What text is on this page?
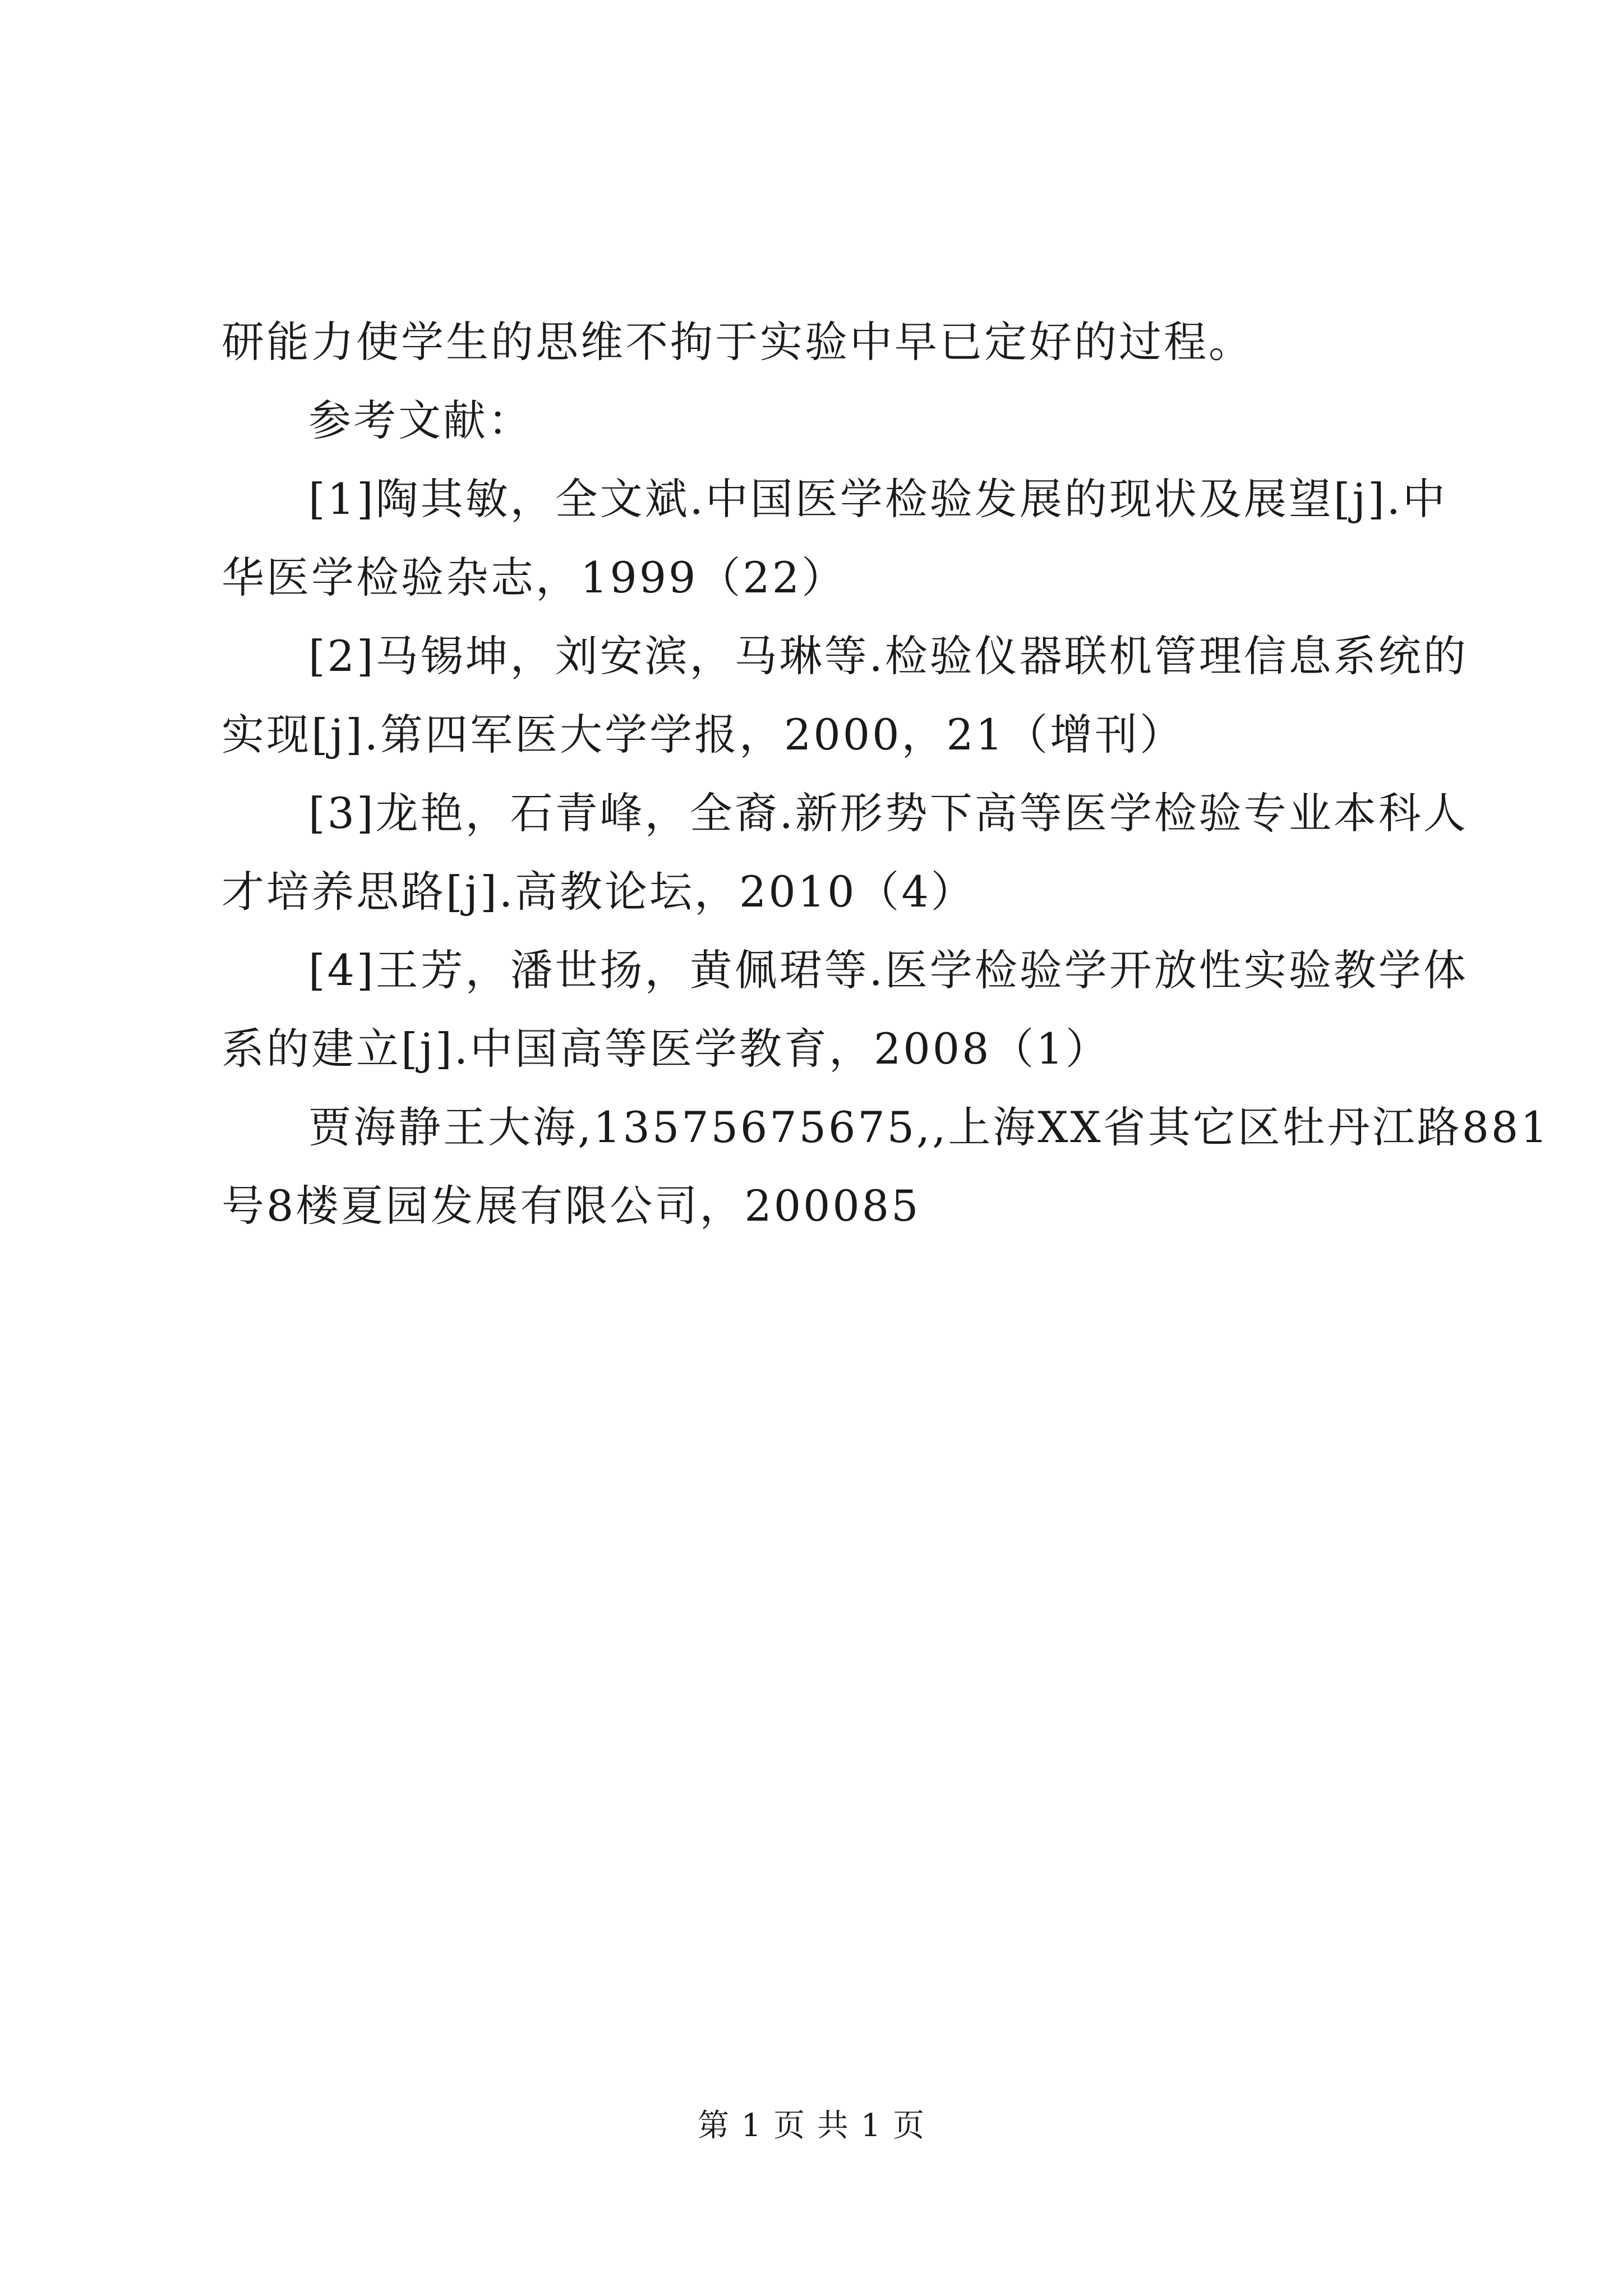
研能力使学生的思维不拘于实验中早已定好的过程。
参考文献：
[1]陶其敏，全文斌.中国医学检验发展的现状及展望[j].中
华医学检验杂志，1999（22）
[2]马锡坤，刘安滨，马琳等.检验仪器联机管理信息系统的
实现[j].第四军医大学学报，2000，21（增刊）
[3]龙艳，石青峰，全裔.新形势下高等医学检验专业本科人
才培养思路[j].高教论坛，2010（4）
[4]王芳，潘世扬，黄佩珺等.医学检验学开放性实验教学体
系的建立[j].中国高等医学教育，2008（1）
贾海静王大海,13575675675,,上海XX省其它区牡丹江路881
号8楼夏园发展有限公司，200085
第 1 页 共 1 页
